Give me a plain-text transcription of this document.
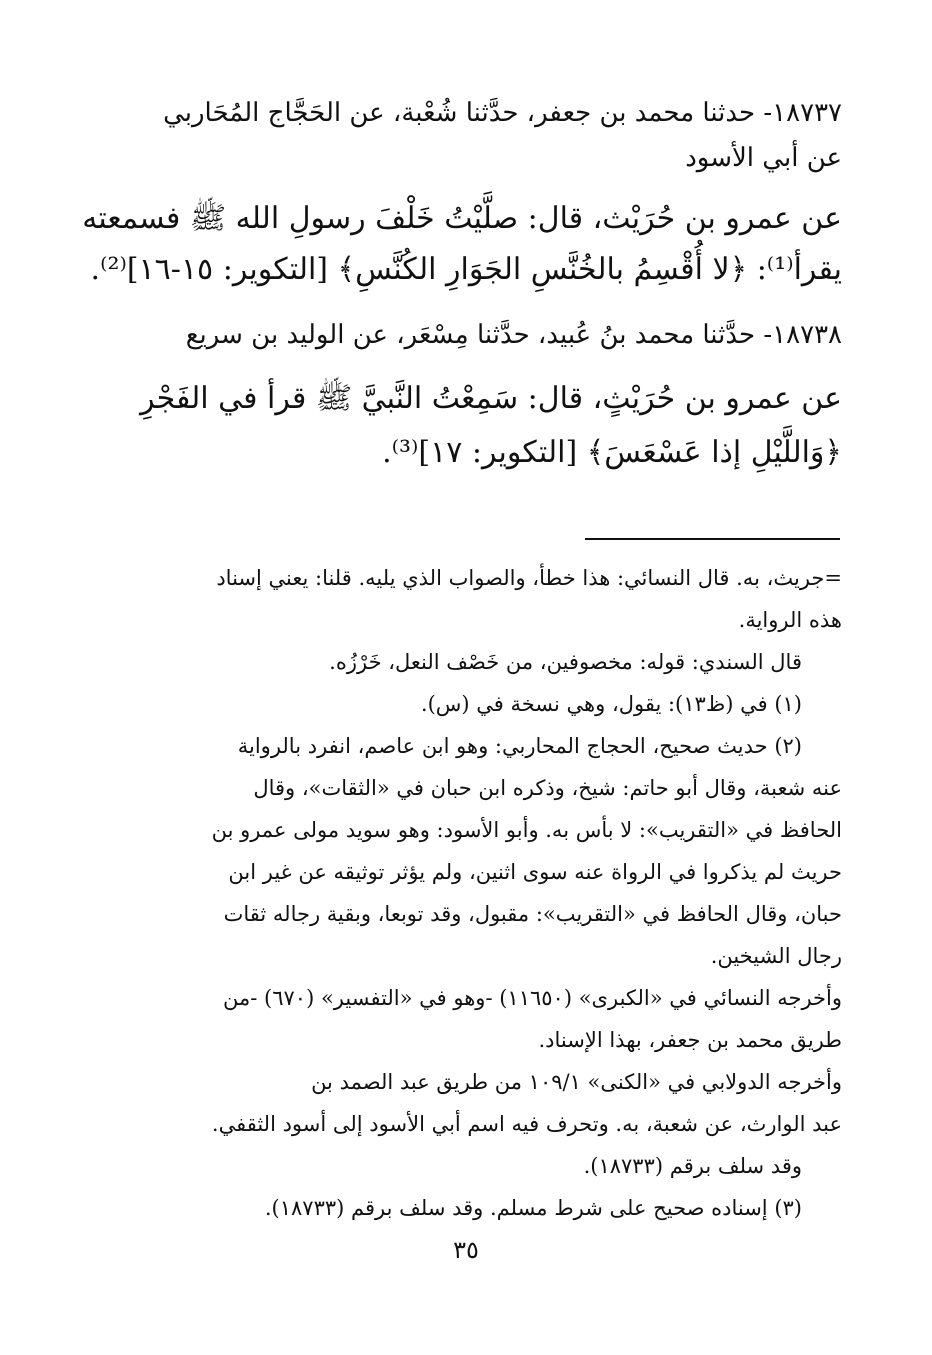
١٨٧٣٧- حدثنا محمد بن جعفر، حدَّثنا شُعْبة، عن الحَجَّاج المُحَاربي
عن أبي الأسود
عن عمرو بن حُرَيْث، قال: صلَّيْتُ خَلْفَ رسولِ الله ﷺ فسمعته
يقرأ⁽¹⁾: ﴿لا أُقْسِمُ بالخُنَّسِ الجَوَارِ الكُنَّسِ﴾ [التكوير: ١٥-١٦]⁽²⁾.
١٨٧٣٨- حدَّثنا محمد بنُ عُبيد، حدَّثنا مِسْعَر، عن الوليد بن سريع
عن عمرو بن حُرَيْثٍ، قال: سَمِعْتُ النَّبيَّ ﷺ قرأ في الفَجْرِ
﴿وَاللَّيْلِ إذا عَسْعَسَ﴾ [التكوير: ١٧]⁽³⁾.
=جريث، به. قال النسائي: هذا خطأ، والصواب الذي يليه. قلنا: يعني إسناد
هذه الرواية.
قال السندي: قوله: مخصوفين، من خَصْف النعل، خَرْزُه.
(١) في (ظ١٣): يقول، وهي نسخة في (س).
(٢) حديث صحيح، الحجاج المحاربي: وهو ابن عاصم، انفرد بالرواية
عنه شعبة، وقال أبو حاتم: شيخ، وذكره ابن حبان في «الثقات»، وقال
الحافظ في «التقريب»: لا بأس به. وأبو الأسود: وهو سويد مولى عمرو بن
حريث لم يذكروا في الرواة عنه سوى اثنين، ولم يؤثر توثيقه عن غير ابن
حبان، وقال الحافظ في «التقريب»: مقبول، وقد توبعا، وبقية رجاله ثقات
رجال الشيخين.
وأخرجه النسائي في «الكبرى» (١١٦٥٠) -وهو في «التفسير» (٦٧٠) -من
طريق محمد بن جعفر، بهذا الإسناد.
وأخرجه الدولابي في «الكنى» ١٠٩/١ من طريق عبد الصمد بن
عبد الوارث، عن شعبة، به. وتحرف فيه اسم أبي الأسود إلى أسود الثقفي.
وقد سلف برقم (١٨٧٣٣).
(٣) إسناده صحيح على شرط مسلم. وقد سلف برقم (١٨٧٣٣).
٣٥
